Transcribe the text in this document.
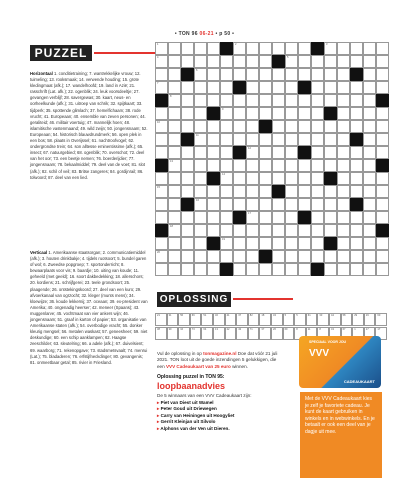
• TON 96 06-21 • p 50 •
PUZZEL
Horizontaal 1. conditietraining; 7. wantrekkelijke vrouw; 12. tuimeling; 13. rooksmaak; 14. verwende houding; 15. grote kledingmaat (afk.); 17. wandelhoofd; 19. land in Azië; 21. rasschrift (Lat. afk.); 22. ogenblik; 24. leuk voorsdeeltje; 27. gevangen verblijf; 28. savergewas; 30. kaart, neus- en oorheelkunde (afk.); 31. uitroep van schrik; 32. spijtkaart; 33. tijdperk; 35. spottende glimlach; 37. hemelfichaam; 38. rode vrucht; 41. Europeaan; 40. ensemble van zeven personen; 44. geraliteid; 46. militair voertuig; 47. mannelijk hoen; 48. islamitische vastenmaand; 49. wild zwijn; 50. jongensnaam; 52. Europeaan; 54. historisch blauwdrundmerk; 56. open plek in een bos; 58. plaats in Overijssel; 61. nachtroofvogel; 62. ondergrondse trein; 64. son alltesse eminentissime (afk.); 65. insect; 67. natuurgebied; 68. ogenblik; 70. overschot; 72. deel van het oor; 73. een beetje nemen; 76. boerderijdier; 77. jongensnaam; 78. bekaalmiddel; 79. deel van de voet; 81. slot (afk.); 82. schil of veil; 83. Britse zangeres; 84. gordijnrail; 86. tolwoord; 87. deel van een lied.
Verticaal 1. Amerikaanse staatsorgan; 2. communicatiemiddel (afk.); 3. houten drinkbakje; 4. tijdels ruotsoort; 5. bundel garen of wol; 6. Zweedse popgroep; 7. sportonderricht; 8. bewaarplaats voor vis; 9. baardje; 10. uiting van koude; 11. geheeld (met geeld); 16. soort dakbedekking; 18. allerschors; 20. kordiens; 21. schrijfgerei; 23. teele grondsoort; 25. plaagende; 26. ontstekingskoord; 27. deel van een kuro; 29. afvoerkanaal van ogrzocht; 32. kleger (munts mens); 34. kloewijze; 36. koude lekkernij; 37. oceaan; 39. ex-president van Amerika; 40. ongenadig heerser; 42. meneer (Spaans); 43. muggenlarve; 45. vochtmaat van vier ankers wijn; 46. jongensnaam; 51. graaf in karton of papier; 53. organisatie van Amerikaanse staten (afk.); 54. overbodige vracht; 55. donker kleurig mengsel; 56. metalen waskast; 57. geneesheer; 59. niet deskundige; 60. een schip aanklampen; 62. Haagse zeeschilder; 63. sleutelring; 66. a adele (afk.); 67. duivelsient; 69. waarborg; 71. rekenopgave; 73. stadsmetsvaalt; 74. menrui (Lat.); 75. bladaderen; 76. erfstijfneckdinger; 80. gevangenis; 81. onmeetbaar getal; 85. rivier in Friesland.
1	2	3
4	5
6
7
8
9
10
11
12
13
14
15
16
17
18
19
20
OPLOSSING
21	31	56	66	51	32	41	37	82	18	34	5	5	61	33	44	58	29	19	60
38	39	16	73	64	13	22	43	71	37	26	69	8	11	8	43	67	1	17	17
Vul de oplossing in op tonmagazine.nl Doe dat vóór 21 juli 2021. TON loot uit de goede inzendingen 5 gelukkigen, die een VVV Cadeaukaart van 25 euro winnen.
Oplossing puzzel in TON 95:
loopbaanadvies
De 5 winnaars van een VVV Cadeaukaart zijn:
▸ Piet van Diest uit Wamel
▸ Peter Goud uit Driewegen
▸ Carry van Heiningen uit Hoogyliet
▸ Gerrit Kleinjan uit Silvolo
▸ Alphons van der Ven uit Dieren.
SPECIAAL VOOR JOU
VVV
CADEAUKAART
Met de VVV Cadeaukaart kies je zelf je favoriete cadeau. Je kunt de kaart gebruiken in winkels en in webwinkels. En je betaalt er ook een deel van je dagje uit mee.
